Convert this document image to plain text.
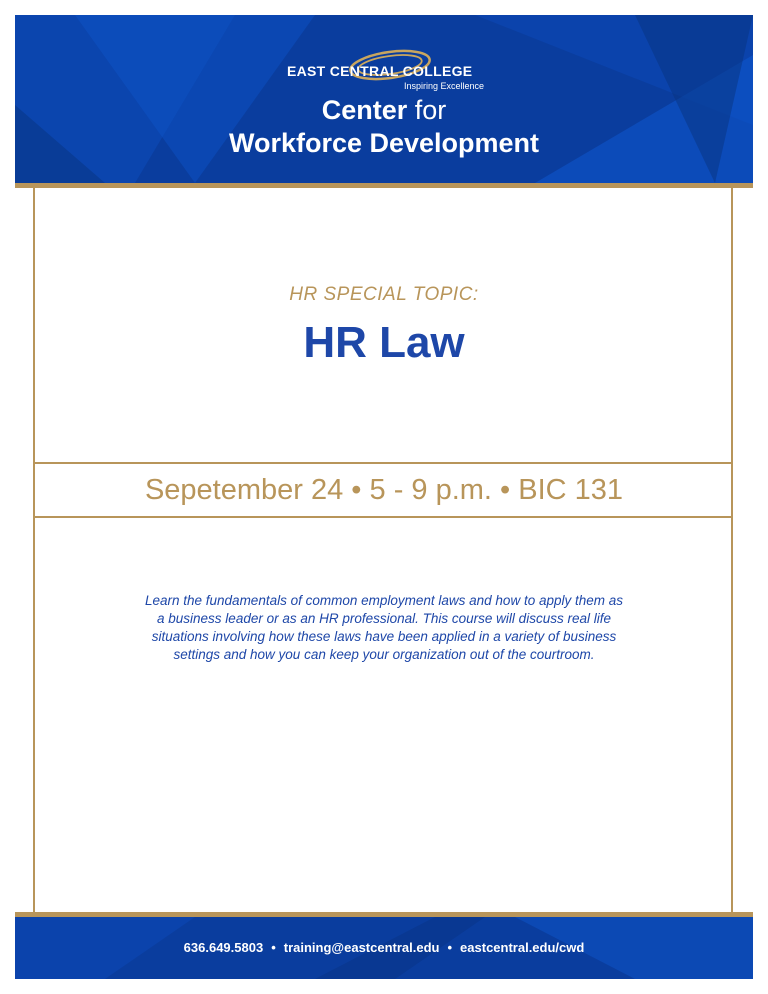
EAST CENTRAL COLLEGE
Inspiring Excellence
Center for
Workforce Development
HR SPECIAL TOPIC:
HR Law
Sepetember 24 • 5 - 9 p.m. • BIC 131
Learn the fundamentals of common employment laws and how to apply them as a business leader or as an HR professional. This course will discuss real life situations involving how these laws have been applied in a variety of business settings and how you can keep your organization out of the courtroom.
636.649.5803 • training@eastcentral.edu • eastcentral.edu/cwd
